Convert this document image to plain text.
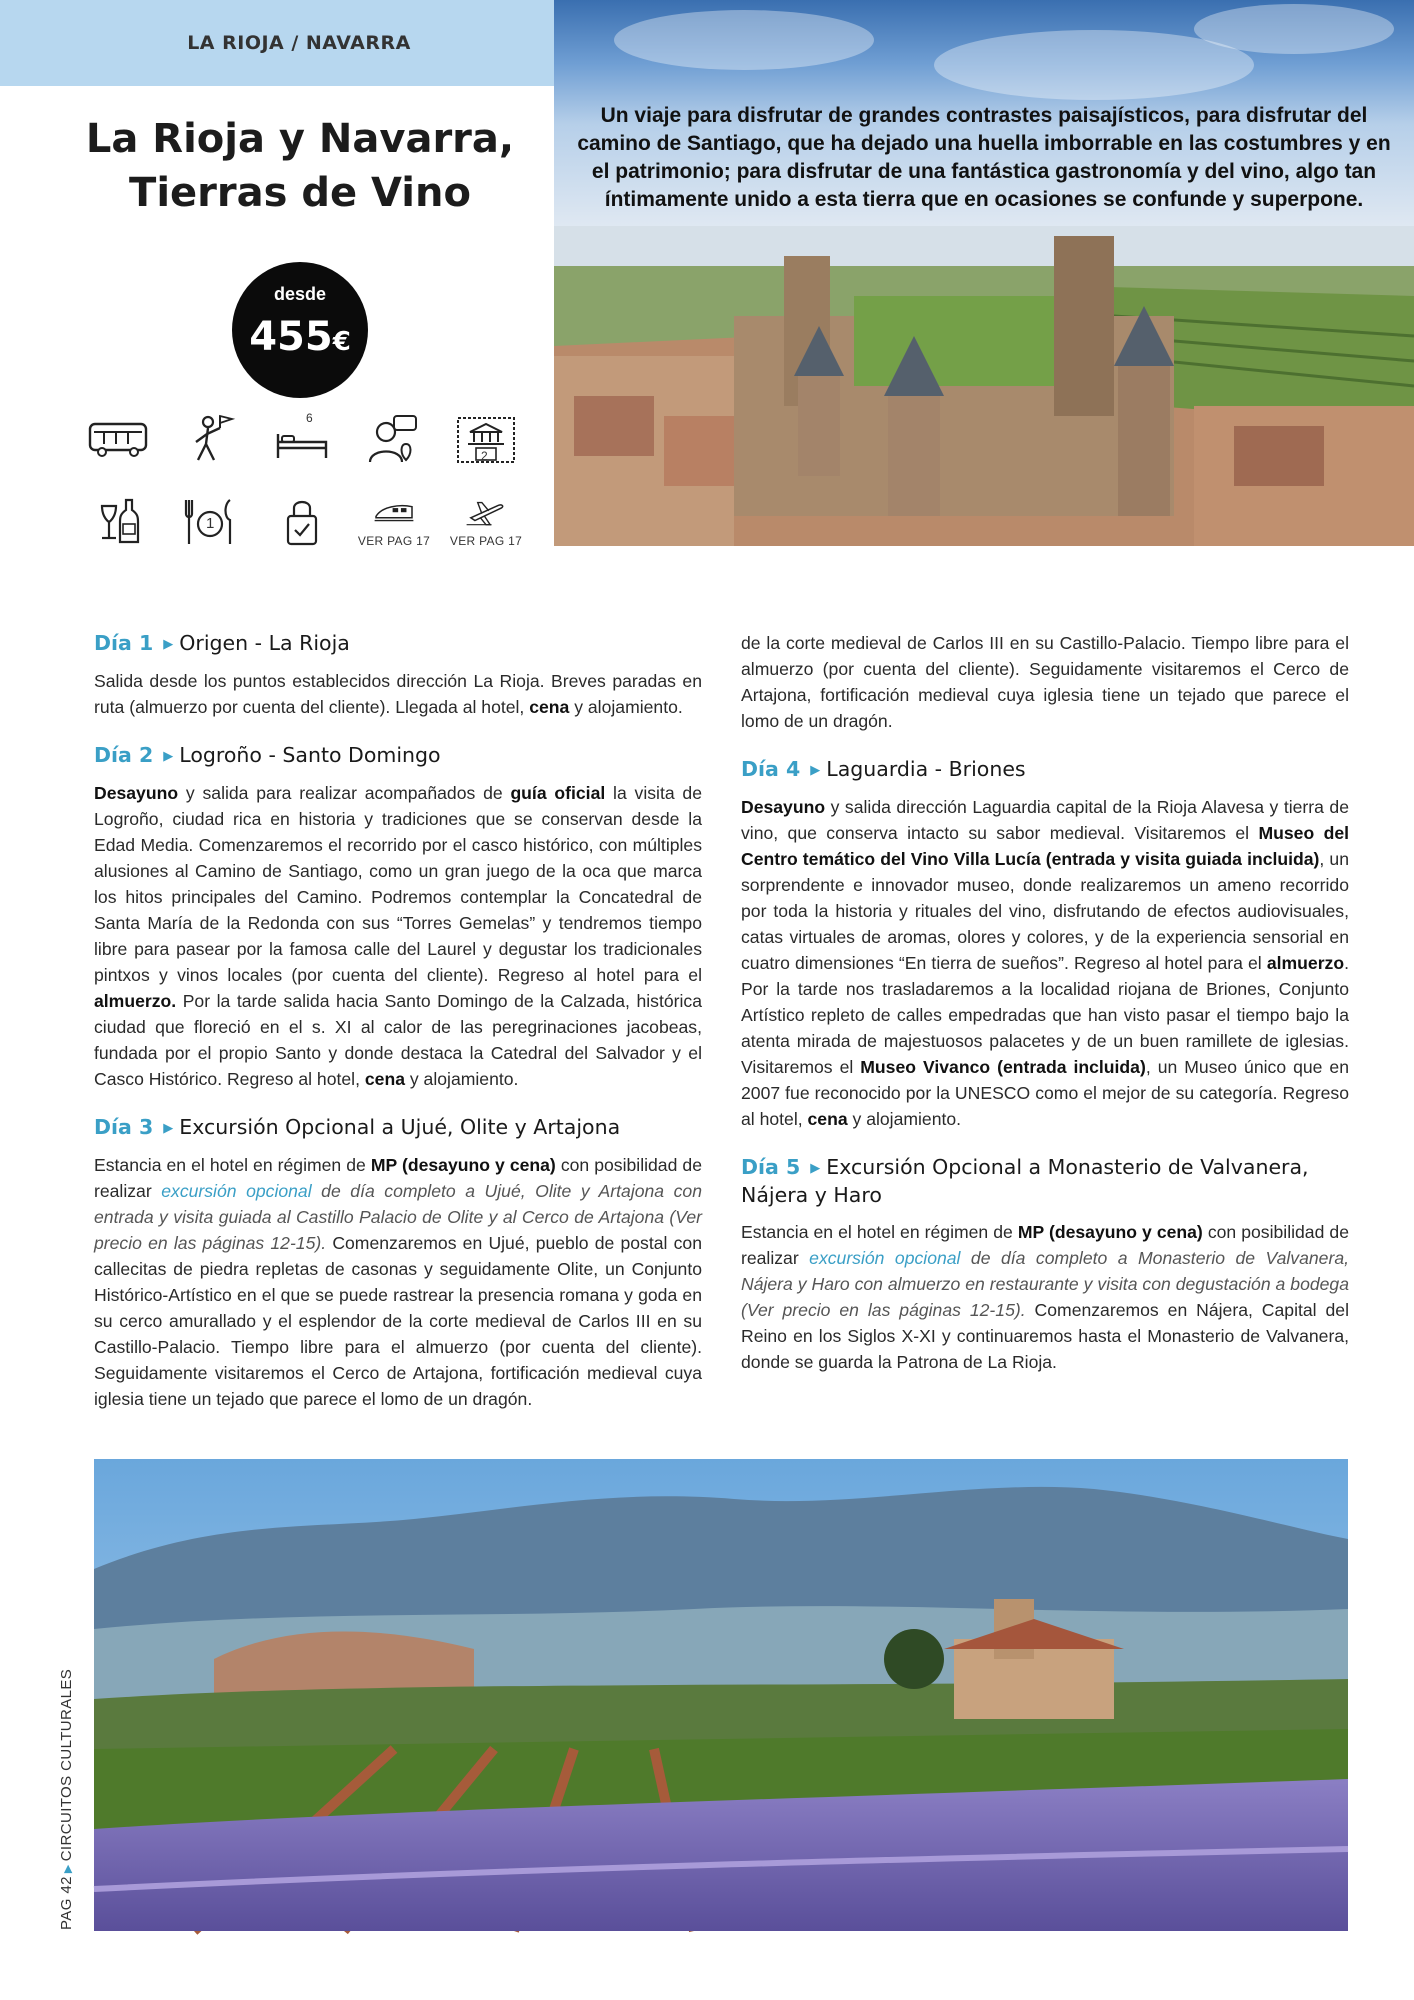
LA RIOJA / NAVARRA
Un viaje para disfrutar de grandes contrastes paisajísticos, para disfrutar del camino de Santiago, que ha dejado una huella imborrable en las costumbres y en el patrimonio; para disfrutar de una fantástica gastronomía y del vino, algo tan íntimamente unido a esta tierra que en ocasiones se confunde y superpone.
La Rioja y Navarra,
Tierras de Vino
desde
455€
6
2
1
VER PAG 17 VER PAG 17
Día 1 ▶ Origen - La Rioja
Salida desde los puntos establecidos dirección La Rioja. Breves paradas en ruta (almuerzo por cuenta del cliente). Llegada al hotel, cena y alojamiento.
Día 2 ▶ Logroño - Santo Domingo
Desayuno y salida para realizar acompañados de guía oficial la visita de Logroño, ciudad rica en historia y tradiciones que se conservan desde la Edad Media. Comenzaremos el recorrido por el casco histórico, con múltiples alusiones al Camino de Santiago, como un gran juego de la oca que marca los hitos principales del Camino. Podremos contemplar la Concatedral de Santa María de la Redonda con sus “Torres Gemelas” y tendremos tiempo libre para pasear por la famosa calle del Laurel y degustar los tradicionales pintxos y vinos locales (por cuenta del cliente). Regreso al hotel para el almuerzo. Por la tarde salida hacia Santo Domingo de la Calzada, histórica ciudad que floreció en el s. XI al calor de las peregrinaciones jacobeas, fundada por el propio Santo y donde destaca la Catedral del Salvador y el Casco Histórico. Regreso al hotel, cena y alojamiento.
Día 3 ▶ Excursión Opcional a Ujué, Olite y Artajona
Estancia en el hotel en régimen de MP (desayuno y cena) con posibilidad de realizar excursión opcional de día completo a Ujué, Olite y Artajona con entrada y visita guiada al Castillo Palacio de Olite y al Cerco de Artajona (Ver precio en las páginas 12-15). Comenzaremos en Ujué, pueblo de postal con callecitas de piedra repletas de casonas y seguidamente Olite, un Conjunto Histórico-Artístico en el que se puede rastrear la presencia romana y goda en su cerco amurallado y el esplendor de la corte medieval de Carlos III en su Castillo-Palacio. Tiempo libre para el almuerzo (por cuenta del cliente). Seguidamente visitaremos el Cerco de Artajona, fortificación medieval cuya iglesia tiene un tejado que parece el lomo de un dragón.
de la corte medieval de Carlos III en su Castillo-Palacio. Tiempo libre para el almuerzo (por cuenta del cliente). Seguidamente visitaremos el Cerco de Artajona, fortificación medieval cuya iglesia tiene un tejado que parece el lomo de un dragón.
Día 4 ▶ Laguardia - Briones
Desayuno y salida dirección Laguardia capital de la Rioja Alavesa y tierra de vino, que conserva intacto su sabor medieval. Visitaremos el Museo del Centro temático del Vino Villa Lucía (entrada y visita guiada incluida), un sorprendente e innovador museo, donde realizaremos un ameno recorrido por toda la historia y rituales del vino, disfrutando de efectos audiovisuales, catas virtuales de aromas, olores y colores, y de la experiencia sensorial en cuatro dimensiones “En tierra de sueños”. Regreso al hotel para el almuerzo. Por la tarde nos trasladaremos a la localidad riojana de Briones, Conjunto Artístico repleto de calles empedradas que han visto pasar el tiempo bajo la atenta mirada de majestuosos palacetes y de un buen ramillete de iglesias. Visitaremos el Museo Vivanco (entrada incluida), un Museo único que en 2007 fue reconocido por la UNESCO como el mejor de su categoría. Regreso al hotel, cena y alojamiento.
Día 5 ▶ Excursión Opcional a Monasterio de Valvanera, Nájera y Haro
Estancia en el hotel en régimen de MP (desayuno y cena) con posibilidad de realizar excursión opcional de día completo a Monasterio de Valvanera, Nájera y Haro con almuerzo en restaurante y visita con degustación a bodega (Ver precio en las páginas 12-15). Comenzaremos en Nájera, Capital del Reino en los Siglos X-XI y continuaremos hasta el Monasterio de Valvanera, donde se guarda la Patrona de La Rioja.
PAG 42▶CIRCUITOS CULTURALES
